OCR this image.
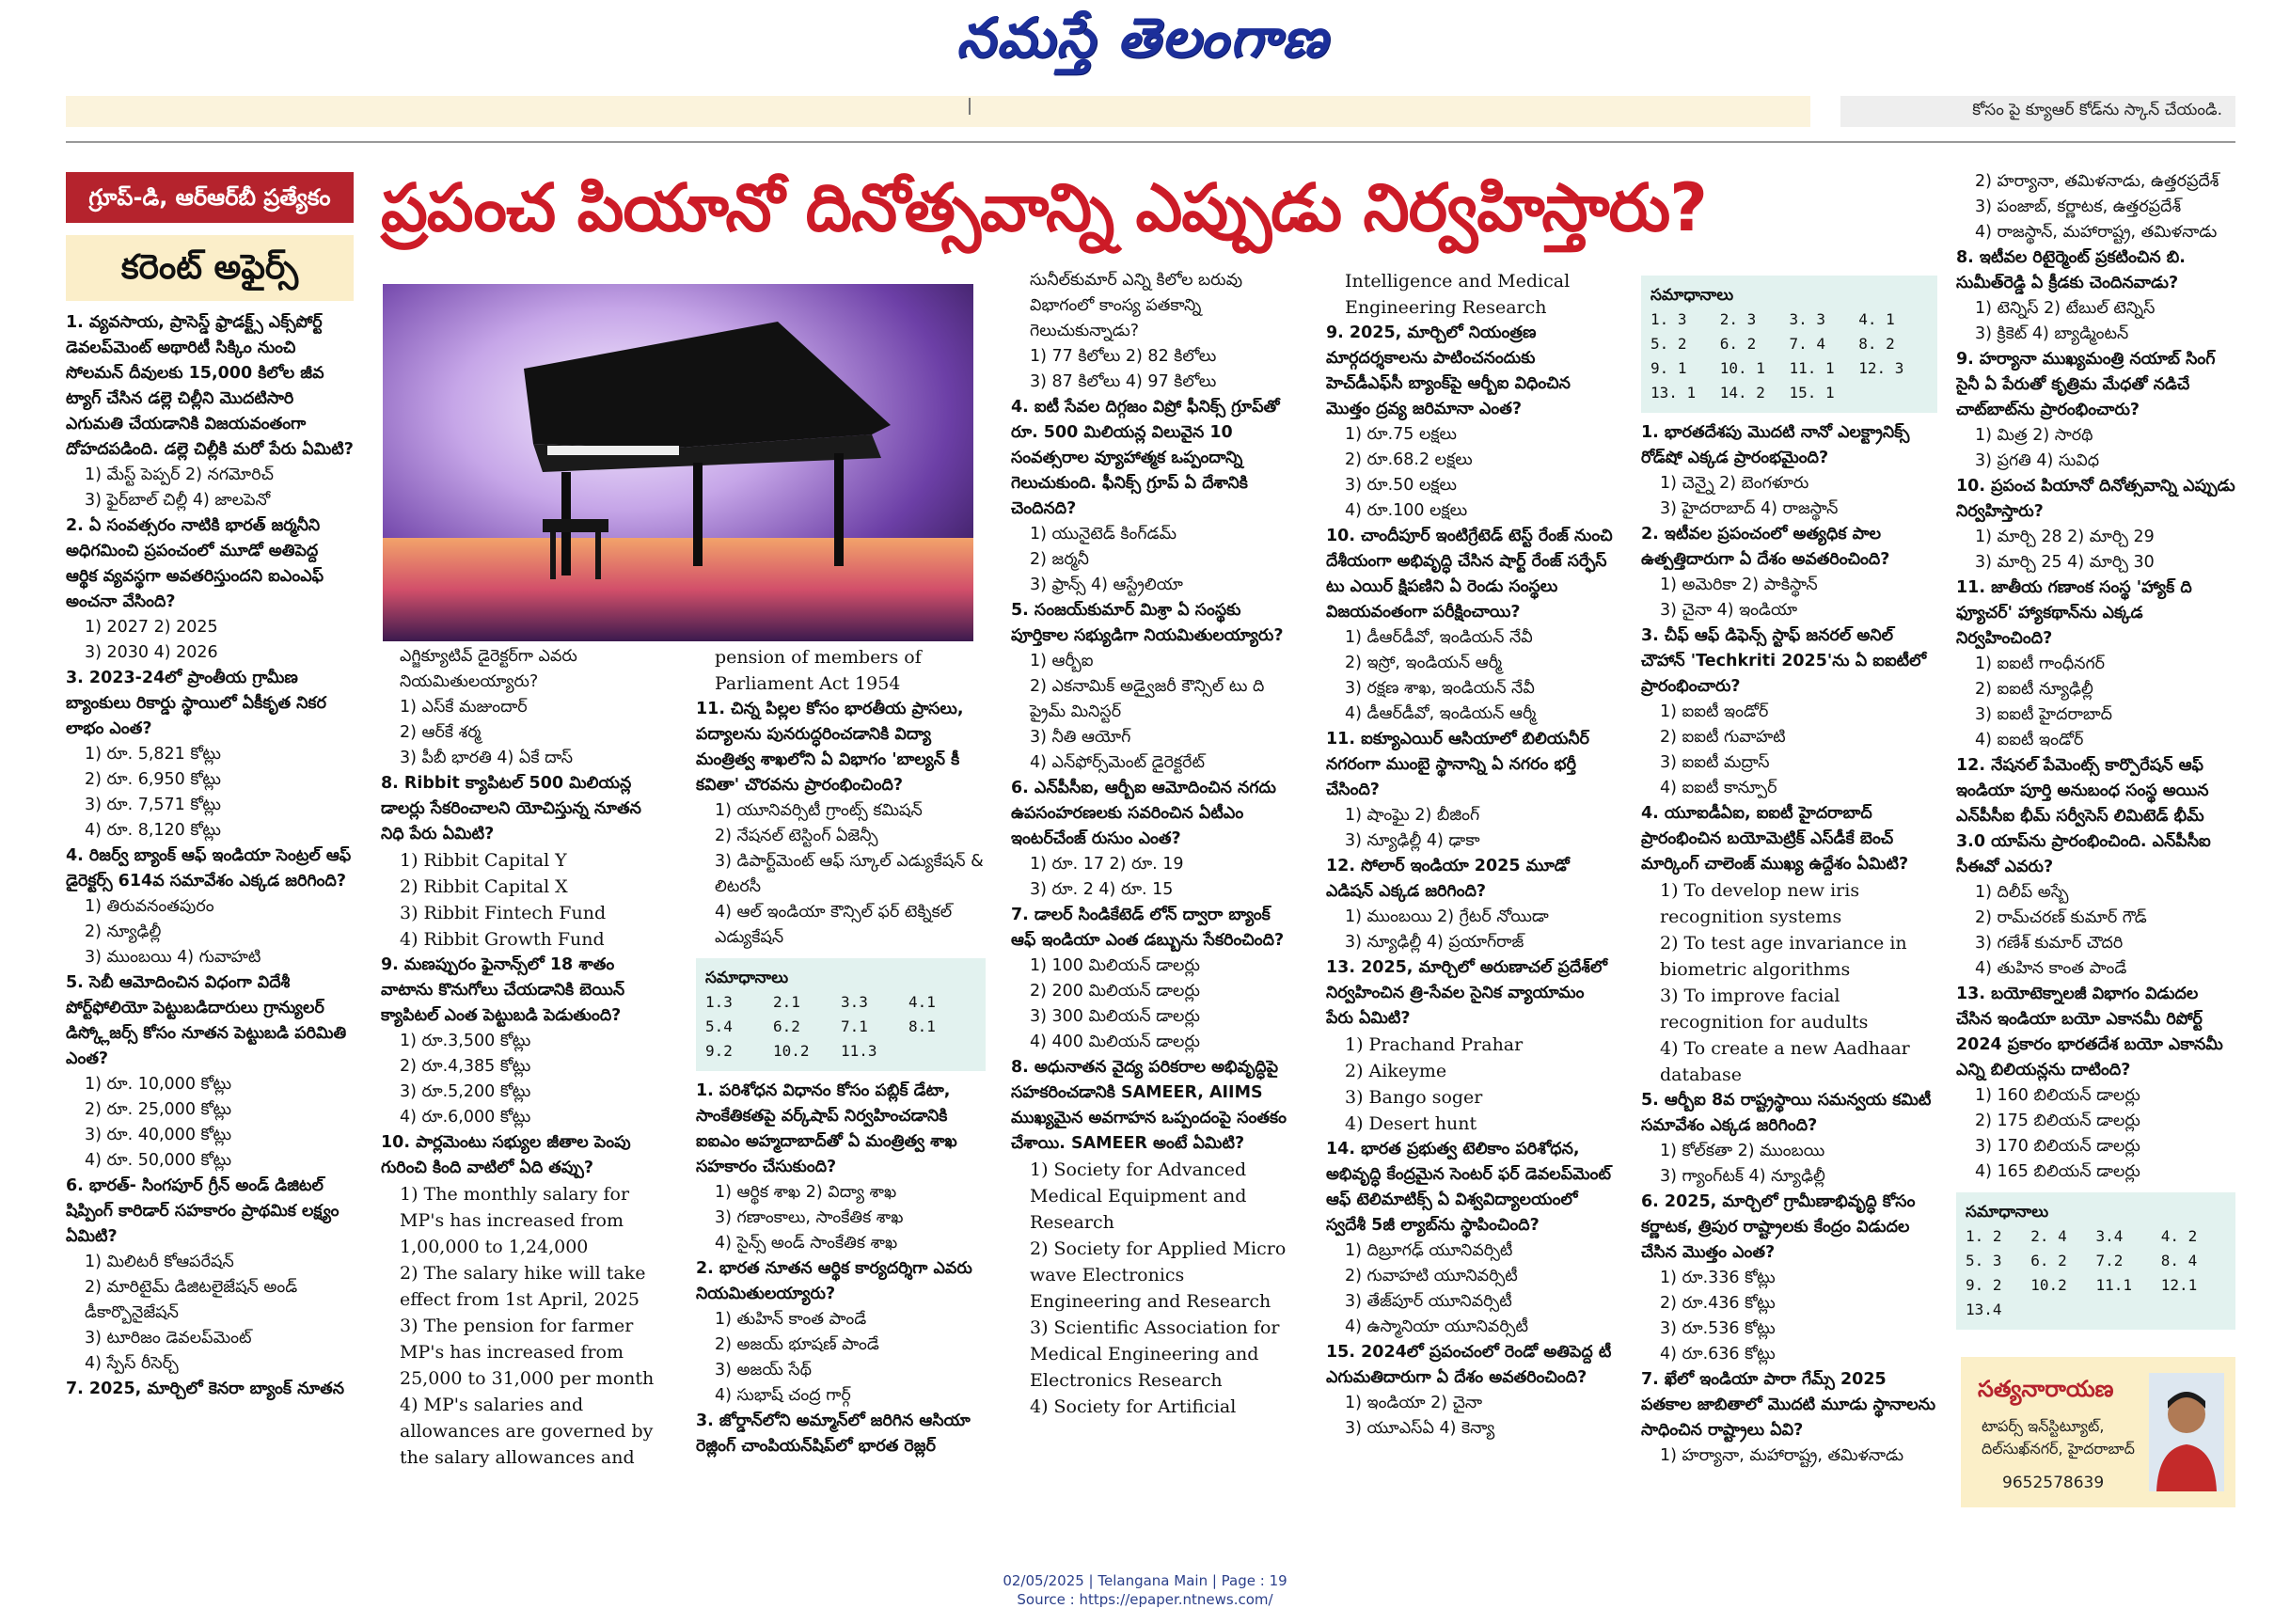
నమస్తే తెలంగాణ
కోసం పై క్యూఆర్ కోడ్‌ను స్కాన్ చేయండి.
గ్రూప్-డి, ఆర్ఆర్‌బీ ప్రత్యేకం
కరెంట్ అఫైర్స్
ప్రపంచ పియానో దినోత్సవాన్ని ఎప్పుడు నిర్వహిస్తారు?
1. వ్యవసాయ, ప్రాసెస్డ్ ఫ్రాడక్ట్స్ ఎక్స్‌పోర్ట్ డెవలప్‌మెంట్ అథారిటీ సిక్కిం నుంచి సోలమన్ దీవులకు 15,000 కిలోల జీవ ట్యాగ్ చేసిన డల్లె చిల్లీని మొదటిసారి ఎగుమతి చేయడానికి విజయవంతంగా దోహదపడింది. డల్లె చిల్లీకి మరో పేరు ఏమిటి?
1) మేస్ట్ పెప్పర్ 2) నగమోరిచ్
3) ఫైర్‌బాల్ చిల్లీ 4) జాలపెనో
2. ఏ సంవత్సరం నాటికి భారత్ జర్మనీని అధిగమించి ప్రపంచంలో మూడో అతిపెద్ద ఆర్థిక వ్యవస్థగా అవతరిస్తుందని ఐఎంఎఫ్ అంచనా వేసింది?
1) 2027 2) 2025
3) 2030 4) 2026
3. 2023-24లో ప్రాంతీయ గ్రామీణ బ్యాంకులు రికార్డు స్థాయిలో ఏకీకృత నికర లాభం ఎంత?
1) రూ. 5,821 కోట్లు
2) రూ. 6,950 కోట్లు
3) రూ. 7,571 కోట్లు
4) రూ. 8,120 కోట్లు
4. రిజర్వ్ బ్యాంక్ ఆఫ్ ఇండియా సెంట్రల్ ఆఫ్ డైరెక్టర్స్ 614వ సమావేశం ఎక్కడ జరిగింది?
1) తిరువనంతపురం
2) న్యూఢిల్లీ
3) ముంబయి 4) గువాహటి
5. సెబీ ఆమోదించిన విధంగా విదేశీ పోర్ట్‌ఫోలియో పెట్టుబడిదారులు గ్రాన్యులర్ డిస్క్లోజర్స్ కోసం నూతన పెట్టుబడి పరిమితి ఎంత?
1) రూ. 10,000 కోట్లు
2) రూ. 25,000 కోట్లు
3) రూ. 40,000 కోట్లు
4) రూ. 50,000 కోట్లు
6. భారత్- సింగపూర్ గ్రీన్ అండ్ డిజిటల్ షిప్పింగ్ కారిడార్ సహకారం ప్రాథమిక లక్ష్యం ఏమిటి?
1) మిలిటరీ కోఆపరేషన్
2) మారిటైమ్ డిజిటలైజేషన్ అండ్ డీకార్బొనైజేషన్
3) టూరిజం డెవలప్‌మెంట్
4) స్పేస్ రీసెర్చ్
7. 2025, మార్చిలో కెనరా బ్యాంక్ నూతన
ఎగ్జిక్యూటివ్ డైరెక్టర్‌గా ఎవరు నియమితులయ్యారు?
1) ఎస్‌కే మజుందార్
2) ఆర్‌కే శర్మ
3) పీబీ భారతి 4) ఏకే దాస్
8. Ribbit క్యాపిటల్ 500 మిలియన్ల డాలర్లు సేకరించాలని యోచిస్తున్న నూతన నిధి పేరు ఏమిటి?
1) Ribbit Capital Y
2) Ribbit Capital X
3) Ribbit Fintech Fund
4) Ribbit Growth Fund
9. మణప్పురం ఫైనాన్స్‌లో 18 శాతం వాటాను కొనుగోలు చేయడానికి బెయిన్ క్యాపిటల్ ఎంత పెట్టుబడి పెడుతుంది?
1) రూ.3,500 కోట్లు
2) రూ.4,385 కోట్లు
3) రూ.5,200 కోట్లు
4) రూ.6,000 కోట్లు
10. పార్లమెంటు సభ్యుల జీతాల పెంపు గురించి కింది వాటిలో ఏది తప్పు?
1) The monthly salary for MP's has increased from 1,00,000 to 1,24,000
2) The salary hike will take effect from 1st April, 2025
3) The pension for farmer MP's has increased from 25,000 to 31,000 per month
4) MP's salaries and allowances are governed by the salary allowances and
pension of members of Parliament Act 1954
11. చిన్న పిల్లల కోసం భారతీయ ప్రాసలు, పద్యాలను పునరుద్ధరించడానికి విద్యా మంత్రిత్వ శాఖలోని ఏ విభాగం 'బాల్యన్ కీ కవితా' చొరవను ప్రారంభించింది?
1) యూనివర్సిటీ గ్రాంట్స్ కమిషన్
2) నేషనల్ టెస్టింగ్ ఏజెన్సీ
3) డిపార్ట్‌మెంట్ ఆఫ్ స్కూల్ ఎడ్యుకేషన్ & లిటరసీ
4) ఆల్ ఇండియా కౌన్సిల్ ఫర్ టెక్నికల్ ఎడ్యుకేషన్
సమాధానాలు
1.3	2.1	3.3	4.1
5.4	6.2	7.1	8.1
9.2	10.2	11.3
1. పరిశోధన విధానం కోసం పబ్లిక్ డేటా, సాంకేతికతపై వర్క్‌షాప్ నిర్వహించడానికి ఐఐఎం అహ్మదాబాద్‌తో ఏ మంత్రిత్వ శాఖ సహకారం చేసుకుంది?
1) ఆర్థిక శాఖ 2) విద్యా శాఖ
3) గణాంకాలు, సాంకేతిక శాఖ
4) సైన్స్ అండ్ సాంకేతిక శాఖ
2. భారత నూతన ఆర్థిక కార్యదర్శిగా ఎవరు నియమితులయ్యారు?
1) తుహిన్ కాంత పాండే
2) అజయ్ భూషణ్ పాండే
3) అజయ్ సేథ్
4) సుభాష్ చంద్ర గార్గ్
3. జోర్డాన్‌లోని అమ్మాన్‌లో జరిగిన ఆసియా రెజ్లింగ్ చాంపియన్‌షిప్‌లో భారత రెజ్లర్
సునీల్‌కుమార్ ఎన్ని కిలోల బరువు విభాగంలో కాంస్య పతకాన్ని గెలుచుకున్నాడు?
1) 77 కిలోలు 2) 82 కిలోలు
3) 87 కిలోలు 4) 97 కిలోలు
4. ఐటీ సేవల దిగ్గజం విప్రో ఫీనిక్స్ గ్రూప్‌తో రూ. 500 మిలియన్ల విలువైన 10 సంవత్సరాల వ్యూహాత్మక ఒప్పందాన్ని గెలుచుకుంది. ఫీనిక్స్ గ్రూప్ ఏ దేశానికి చెందినది?
1) యునైటెడ్ కింగ్‌డమ్
2) జర్మనీ
3) ఫ్రాన్స్ 4) ఆస్ట్రేలియా
5. సంజయ్‌కుమార్ మిశ్రా ఏ సంస్థకు పూర్తికాల సభ్యుడిగా నియమితులయ్యారు?
1) ఆర్బీఐ
2) ఎకనామిక్ అడ్వైజరీ కౌన్సిల్ టు ది ప్రైమ్ మినిస్టర్
3) నీతి ఆయోగ్
4) ఎన్‌ఫోర్స్‌మెంట్ డైరెక్టరేట్
6. ఎన్‌పీసీఐ, ఆర్బీఐ ఆమోదించిన నగదు ఉపసంహరణలకు సవరించిన ఏటీఎం ఇంటర్‌చేంజ్ రుసుం ఎంత?
1) రూ. 17 2) రూ. 19
3) రూ. 2 4) రూ. 15
7. డాలర్ సిండికేటెడ్ లోన్ ద్వారా బ్యాంక్ ఆఫ్ ఇండియా ఎంత డబ్బును సేకరించింది?
1) 100 మిలియన్ డాలర్లు
2) 200 మిలియన్ డాలర్లు
3) 300 మిలియన్ డాలర్లు
4) 400 మిలియన్ డాలర్లు
8. అధునాతన వైద్య పరికరాల అభివృద్ధిపై సహకరించడానికి SAMEER, AIIMS ముఖ్యమైన అవగాహన ఒప్పందంపై సంతకం చేశాయి. SAMEER అంటే ఏమిటి?
1) Society for Advanced Medical Equipment and Research
2) Society for Applied Micro wave Electronics Engineering and Research
3) Scientific Association for Medical Engineering and Electronics Research
4) Society for Artificial
Intelligence and Medical Engineering Research
9. 2025, మార్చిలో నియంత్రణ మార్గదర్శకాలను పాటించనందుకు హెచ్‌డీఎఫ్‌సీ బ్యాంక్‌పై ఆర్బీఐ విధించిన మొత్తం ద్రవ్య జరిమానా ఎంత?
1) రూ.75 లక్షలు
2) రూ.68.2 లక్షలు
3) రూ.50 లక్షలు
4) రూ.100 లక్షలు
10. చాందీపూర్ ఇంటిగ్రేటెడ్ టెస్ట్ రేంజ్ నుంచి దేశీయంగా అభివృద్ధి చేసిన షార్ట్ రేంజ్ సర్ఫేస్ టు ఎయిర్ క్షిపణిని ఏ రెండు సంస్థలు విజయవంతంగా పరీక్షించాయి?
1) డీఆర్‌డీవో, ఇండియన్ నేవీ
2) ఇస్రో, ఇండియన్ ఆర్మీ
3) రక్షణ శాఖ, ఇండియన్ నేవీ
4) డీఆర్‌డీవో, ఇండియన్ ఆర్మీ
11. ఐక్యూఎయిర్ ఆసియాలో బిలియనీర్ నగరంగా ముంబై స్థానాన్ని ఏ నగరం భర్తీ చేసింది?
1) షాంఘై 2) బీజింగ్
3) న్యూఢిల్లీ 4) ఢాకా
12. సోలార్ ఇండియా 2025 మూడో ఎడిషన్ ఎక్కడ జరిగింది?
1) ముంబయి 2) గ్రేటర్ నోయిడా
3) న్యూఢిల్లీ 4) ప్రయాగ్‌రాజ్
13. 2025, మార్చిలో అరుణాచల్ ప్రదేశ్‌లో నిర్వహించిన త్రి-సేవల సైనిక వ్యాయామం పేరు ఏమిటి?
1) Prachand Prahar
2) Aikeyme
3) Bango soger
4) Desert hunt
14. భారత ప్రభుత్వ టెలికాం పరిశోధన, అభివృద్ధి కేంద్రమైన సెంటర్ ఫర్ డెవలప్‌మెంట్ ఆఫ్ టెలిమాటిక్స్ ఏ విశ్వవిద్యాలయంలో స్వదేశీ 5జీ ల్యాబ్‌ను స్థాపించింది?
1) దిబ్రూగఢ్ యూనివర్సిటీ
2) గువాహటి యూనివర్సిటీ
3) తేజ్‌పూర్ యూనివర్సిటీ
4) ఉస్మానియా యూనివర్సిటీ
15. 2024లో ప్రపంచంలో రెండో అతిపెద్ద టీ ఎగుమతిదారుగా ఏ దేశం అవతరించింది?
1) ఇండియా 2) చైనా
3) యూఎస్ఏ 4) కెన్యా
సమాధానాలు
1. 3	2. 3	3. 3	4. 1
5. 2	6. 2	7. 4	8. 2
9. 1	10. 1	11. 1	12. 3
13. 1	14. 2	15. 1
1. భారతదేశపు మొదటి నానో ఎలక్ట్రానిక్స్ రోడ్‌షో ఎక్కడ ప్రారంభమైంది?
1) చెన్నై 2) బెంగళూరు
3) హైదరాబాద్ 4) రాజస్థాన్
2. ఇటీవల ప్రపంచంలో అత్యధిక పాల ఉత్పత్తిదారుగా ఏ దేశం అవతరించింది?
1) అమెరికా 2) పాకిస్థాన్
3) చైనా 4) ఇండియా
3. చీఫ్ ఆఫ్ డిఫెన్స్ స్టాఫ్ జనరల్ అనిల్ చౌహాన్ 'Techkriti 2025'ను ఏ ఐఐటీలో ప్రారంభించారు?
1) ఐఐటీ ఇండోర్
2) ఐఐటీ గువాహటి
3) ఐఐటీ మద్రాస్
4) ఐఐటీ కాన్పూర్
4. యూఐడీఏఐ, ఐఐటీ హైదరాబాద్ ప్రారంభించిన బయోమెట్రిక్ ఎస్‌డీకే బెంచ్ మార్కింగ్ చాలెంజ్ ముఖ్య ఉద్దేశం ఏమిటి?
1) To develop new iris recognition systems
2) To test age invariance in biometric algorithms
3) To improve facial recognition for audults
4) To create a new Aadhaar database
5. ఆర్బీఐ 8వ రాష్ట్రస్థాయి సమన్వయ కమిటీ సమావేశం ఎక్కడ జరిగింది?
1) కోల్‌కతా 2) ముంబయి
3) గ్యాంగ్‌టక్ 4) న్యూఢిల్లీ
6. 2025, మార్చిలో గ్రామీణాభివృద్ధి కోసం కర్ణాటక, త్రిపుర రాష్ట్రాలకు కేంద్రం విడుదల చేసిన మొత్తం ఎంత?
1) రూ.336 కోట్లు
2) రూ.436 కోట్లు
3) రూ.536 కోట్లు
4) రూ.636 కోట్లు
7. ఖేలో ఇండియా పారా గేమ్స్ 2025 పతకాల జాబితాలో మొదటి మూడు స్థానాలను సాధించిన రాష్ట్రాలు ఏవి?
1) హర్యానా, మహారాష్ట్ర, తమిళనాడు
2) హర్యానా, తమిళనాడు, ఉత్తరప్రదేశ్
3) పంజాబ్, కర్ణాటక, ఉత్తరప్రదేశ్
4) రాజస్థాన్, మహారాష్ట్ర, తమిళనాడు
8. ఇటీవల రిటైర్మెంట్ ప్రకటించిన బి. సుమీత్‌రెడ్డి ఏ క్రీడకు చెందినవాడు?
1) టెన్నిస్ 2) టేబుల్ టెన్నిస్
3) క్రికెట్ 4) బ్యాడ్మింటన్
9. హర్యానా ముఖ్యమంత్రి నయాబ్ సింగ్ సైనీ ఏ పేరుతో కృత్రిమ మేధతో నడిచే చాట్‌బాట్‌ను ప్రారంభించారు?
1) మిత్ర 2) సారథి
3) ప్రగతి 4) సువిధ
10. ప్రపంచ పియానో దినోత్సవాన్ని ఎప్పుడు నిర్వహిస్తారు?
1) మార్చి 28 2) మార్చి 29
3) మార్చి 25 4) మార్చి 30
11. జాతీయ గణాంక సంస్థ 'హ్యాక్ ది ఫ్యూచర్' హ్యాకథాన్‌ను ఎక్కడ నిర్వహించింది?
1) ఐఐటీ గాంధీనగర్
2) ఐఐటీ న్యూఢిల్లీ
3) ఐఐటీ హైదరాబాద్
4) ఐఐటీ ఇండోర్
12. నేషనల్ పేమెంట్స్ కార్పొరేషన్ ఆఫ్ ఇండియా పూర్తి అనుబంధ సంస్థ అయిన ఎన్‌పీసీఐ భీమ్ సర్వీసెస్ లిమిటెడ్ భీమ్ 3.0 యాప్‌ను ప్రారంభించింది. ఎన్‌పీసీఐ సీఈవో ఎవరు?
1) దిలీప్ అస్బే
2) రామ్‌చరణ్ కుమార్ గౌడ్
3) గణేశ్ కుమార్ చౌదరి
4) తుహిన కాంత పాండే
13. బయోటెక్నాలజీ విభాగం విడుదల చేసిన ఇండియా బయో ఎకానమీ రిపోర్ట్ 2024 ప్రకారం భారతదేశ బయో ఎకానమీ ఎన్ని బిలియన్లను దాటింది?
1) 160 బిలియన్ డాలర్లు
2) 175 బిలియన్ డాలర్లు
3) 170 బిలియన్ డాలర్లు
4) 165 బిలియన్ డాలర్లు
సమాధానాలు
1. 2	2. 4	3.4	4. 2
5. 3	6. 2	7.2	8. 4
9. 2	10.2	11.1	12.1
13.4
సత్యనారాయణ
టాపర్స్ ఇన్‌స్టిట్యూట్,
దిల్‌సుఖ్‌నగర్, హైదరాబాద్
9652578639
02/05/2025 | Telangana Main | Page : 19
Source : https://epaper.ntnews.com/
